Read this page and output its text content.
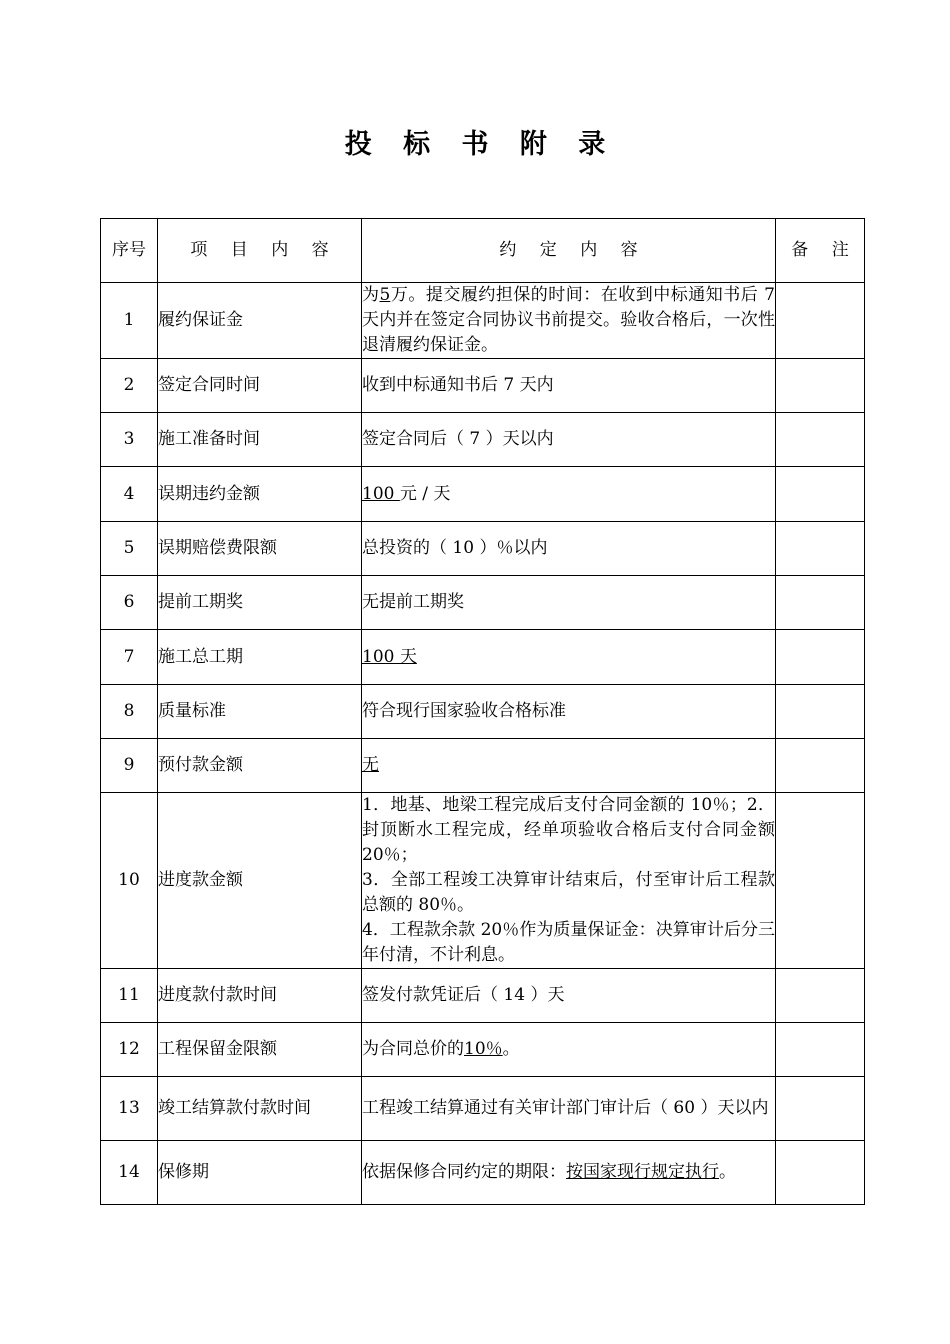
投 标 书 附 录
序号	项 目 内 容	约 定 内 容	备 注
1	履约保证金	为5万。提交履约担保的时间：在收到中标通知书后 7 天内并在签定合同协议书前提交。验收合格后，一次性退清履约保证金。	
2	签定合同时间	收到中标通知书后 7 天内	
3	施工准备时间	签定合同后（ 7 ）天以内	
4	误期违约金额	100 元 / 天	
5	误期赔偿费限额	总投资的（ 10 ）％以内	
6	提前工期奖	无提前工期奖	
7	施工总工期	100 天	
8	质量标准	符合现行国家验收合格标准	
9	预付款金额	无	
10	进度款金额	1．地基、地梁工程完成后支付合同金额的 10％；2．封顶断水工程完成，经单项验收合格后支付合同金额 20％；
3．全部工程竣工决算审计结束后，付至审计后工程款总额的 80％。
4．工程款余款 20％作为质量保证金：决算审计后分三年付清，不计利息。	

11	进度款付款时间	签发付款凭证后（ 14 ）天	
12	工程保留金限额	为合同总价的10％。	
13	竣工结算款付款时间	工程竣工结算通过有关审计部门审计后（ 60 ）天以内	
14	保修期	依据保修合同约定的期限：按国家现行规定执行。	
